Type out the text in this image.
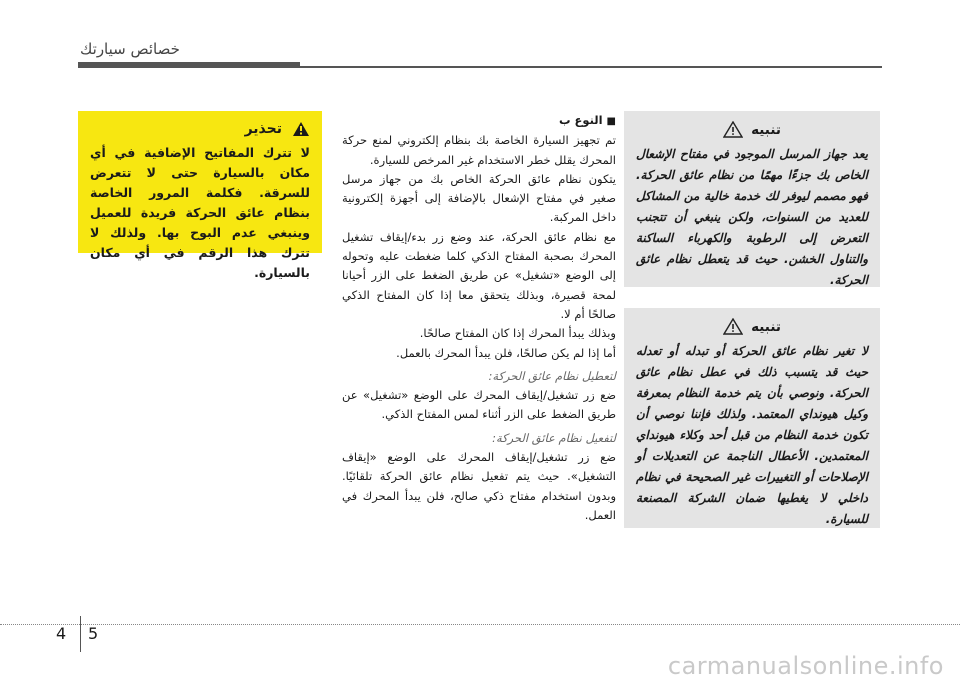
خصائص سيارتك
تحذير
لا تترك المفاتيح الإضافية في أي مكان بالسيارة حتى لا تتعرض للسرقة. فكلمة المرور الخاصة بنظام عائق الحركة فريدة للعميل وينبغي عدم البوح بها. ولذلك لا تترك هذا الرقم في أي مكان بالسيارة.

■النوع ب

تم تجهيز السيارة الخاصة بك بنظام إلكتروني لمنع حركة المحرك يقلل خطر الاستخدام غير المرخص للسيارة.

يتكون نظام عائق الحركة الخاص بك من جهاز مرسل صغير في مفتاح الإشعال بالإضافة إلى أجهزة إلكترونية داخل المركبة.

مع نظام عائق الحركة، عند وضع زر بدء/إيقاف تشغيل المحرك بصحبة المفتاح الذكي كلما ضغطت عليه وتحوله إلى الوضع «تشغيل» عن طريق الضغط على الزر أحيانا لمحة قصيرة، وبذلك يتحقق معا إذا كان المفتاح الذكي صالحًا أم لا.

وبذلك يبدأ المحرك إذا كان المفتاح صالحًا.

أما إذا لم يكن صالحًا، فلن يبدأ المحرك بالعمل.

لتعطيل نظام عائق الحركة:

ضع زر تشغيل/إيقاف المحرك على الوضع «تشغيل» عن طريق الضغط على الزر أثناء لمس المفتاح الذكي.

لتفعيل نظام عائق الحركة:

ضع زر تشغيل/إيقاف المحرك على الوضع «إيقاف التشغيل». حيث يتم تفعيل نظام عائق الحركة تلقائيًا. وبدون استخدام مفتاح ذكي صالح، فلن يبدأ المحرك في العمل.

تنبيه
يعد جهاز المرسل الموجود في مفتاح الإشعال الخاص بك جزءًا مهمًا من نظام عائق الحركة. فهو مصمم ليوفر لك خدمة خالية من المشاكل للعديد من السنوات، ولكن ينبغي أن تتجنب التعرض إلى الرطوبة والكهرباء الساكنة والتناول الخشن. حيث قد يتعطل نظام عائق الحركة.
تنبيه
لا تغير نظام عائق الحركة أو تبدله أو تعدله حيث قد يتسبب ذلك في عطل نظام عائق الحركة. ونوصي بأن يتم خدمة النظام بمعرفة وكيل هيونداي المعتمد. ولذلك فإننا نوصي أن تكون خدمة النظام من قبل أحد وكلاء هيونداي المعتمدين. الأعطال الناجمة عن التعديلات أو الإصلاحات أو التغييرات غير الصحيحة في نظام داخلي لا يغطيها ضمان الشركة المصنعة للسيارة.
4 5
carmanualsonline.info
